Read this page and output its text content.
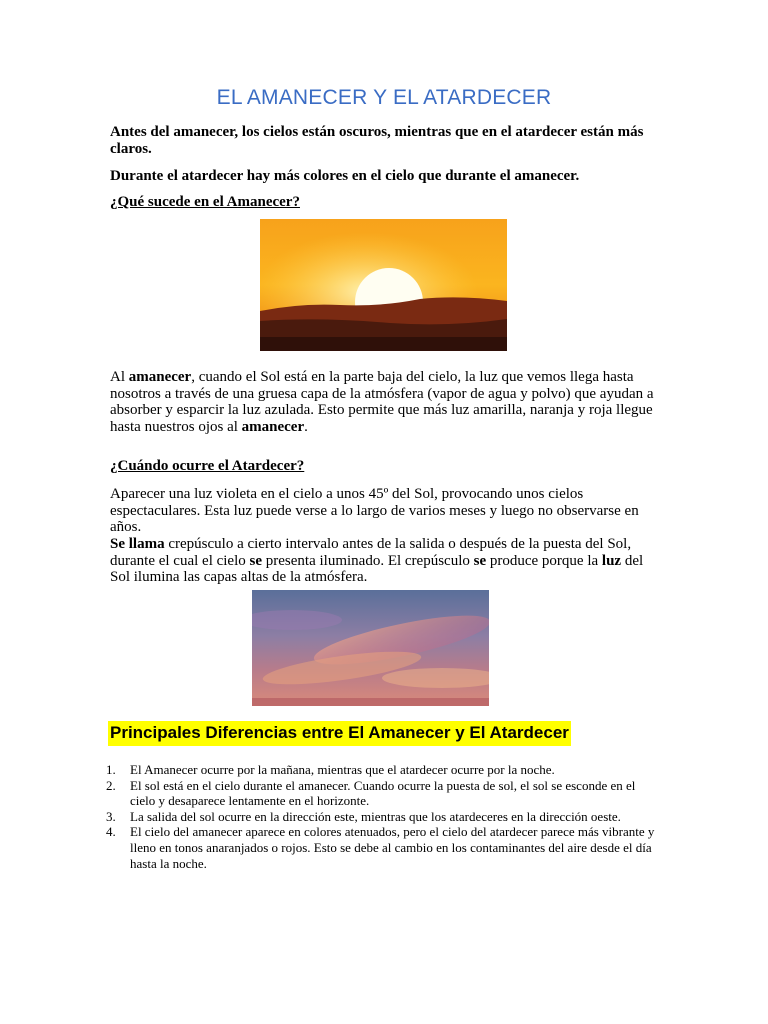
EL AMANECER Y EL ATARDECER

Antes del amanecer, los cielos están oscuros, mientras que en el atardecer están más claros.

Durante el atardecer hay más colores en el cielo que durante el amanecer.

¿Qué sucede en el Amanecer?

Al amanecer, cuando el Sol está en la parte baja del cielo, la luz que vemos llega hasta nosotros a través de una gruesa capa de la atmósfera (vapor de agua y polvo) que ayudan a absorber y esparcir la luz azulada. Esto permite que más luz amarilla, naranja y roja llegue hasta nuestros ojos al amanecer.

¿Cuándo ocurre el Atardecer?

Aparecer una luz violeta en el cielo a unos 45º del Sol, provocando unos cielos espectaculares. Esta luz puede verse a lo largo de varios meses y luego no observarse en años.

Se llama crepúsculo a cierto intervalo antes de la salida o después de la puesta del Sol, durante el cual el cielo se presenta iluminado. El crepúsculo se produce porque la luz del Sol ilumina las capas altas de la atmósfera.

Principales Diferencias entre El Amanecer y El Atardecer
1. El Amanecer ocurre por la mañana, mientras que el atardecer ocurre por la noche.
2. El sol está en el cielo durante el amanecer. Cuando ocurre la puesta de sol, el sol se esconde en el cielo y desaparece lentamente en el horizonte.
3. La salida del sol ocurre en la dirección este, mientras que los atardeceres en la dirección oeste.
4. El cielo del amanecer aparece en colores atenuados, pero el cielo del atardecer parece más vibrante y lleno en tonos anaranjados o rojos. Esto se debe al cambio en los contaminantes del aire desde el día hasta la noche.
